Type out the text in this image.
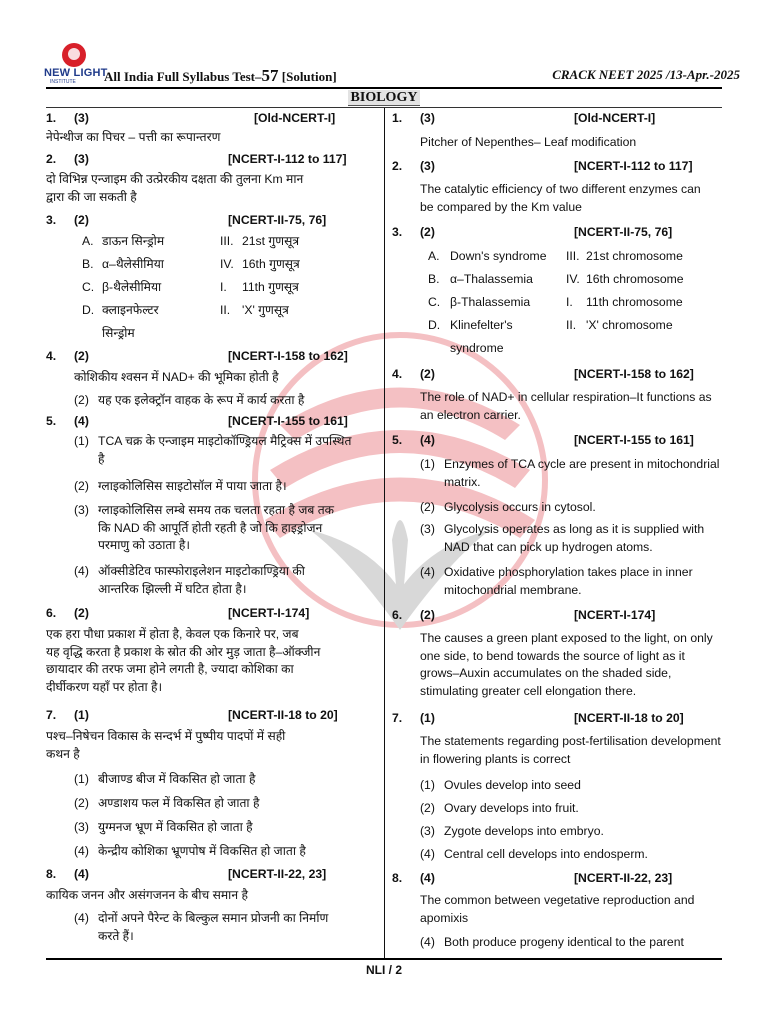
NEW LIGHT
INSTITUTE All India Full Syllabus Test–57 [Solution]	CRACK NEET 2025 /13-Apr.-2025
BIOLOGY
1. (3)	[Old-NCERT-I]
नेपेन्थीज का पिचर – पत्ती का रूपान्तरण
2. (3)	[NCERT-I-112 to 117]
दो विभिन्न एन्जाइम की उत्प्रेरकीय दक्षता की तुलना Km मान
द्वारा की जा सकती है
3. (2)	[NCERT-II-75, 76]
A. डाऊन सिन्ड्रोम	III. 21st गुणसूत्र
B. α–थैलेसीमिया	IV. 16th गुणसूत्र
C. β-थैलेसीमिया	I. 11th गुणसूत्र
D. क्लाइनफेल्टर	II. 'X' गुणसूत्र
सिन्ड्रोम
4. (2)	[NCERT-I-158 to 162]
कोशिकीय श्वसन में NAD+ की भूमिका होती है
(2) यह एक इलेक्ट्रॉन वाहक के रूप में कार्य करता है
5. (4)	[NCERT-I-155 to 161]
(1) TCA चक्र के एन्जाइम माइटोकॉण्ड्रियल मैट्रिक्स में उपस्थित
है
(2) ग्लाइकोलिसिस साइटोसॉल में पाया जाता है।
(3) ग्लाइकोलिसिस लम्बे समय तक चलता रहता है जब तक
कि NAD की आपूर्ति होती रहती है जो कि हाइड्रोजन
परमाणु को उठाता है।
(4) ऑक्सीडेटिव फास्फोराइलेशन माइटोकाण्ड्रिया की
आन्तरिक झिल्ली में घटित होता है।
6. (2)	[NCERT-I-174]
एक हरा पौधा प्रकाश में होता है, केवल एक किनारे पर, जब
यह वृद्धि करता है प्रकाश के स्रोत की ओर मुड़ जाता है–ऑक्जीन
छायादार की तरफ जमा होने लगती है, ज्यादा कोशिका का
दीर्घीकरण यहाँ पर होता है।
7. (1)	[NCERT-II-18 to 20]
पश्च–निषेचन विकास के सन्दर्भ में पुष्पीय पादपों में सही
कथन है
(1) बीजाण्ड बीज में विकसित हो जाता है
(2) अण्डाशय फल में विकसित हो जाता है
(3) युग्मनज भ्रूण में विकसित हो जाता है
(4) केन्द्रीय कोशिका भ्रूणपोष में विकसित हो जाता है
8. (4)	[NCERT-II-22, 23]
कायिक जनन और असंगजनन के बीच समान है
(4) दोनों अपने पैरेन्ट के बिल्कुल समान प्रोजनी का निर्माण
करते हैं।
1. (3)	[Old-NCERT-I]
Pitcher of Nepenthes– Leaf modification
2. (3)	[NCERT-I-112 to 117]
The catalytic efficiency of two different enzymes can
be compared by the Km value
3. (2)	[NCERT-II-75, 76]
A. Down's syndrome III. 21st chromosome
B. α–Thalassemia	IV. 16th chromosome
C. β-Thalassemia	I. 11th chromosome
D. Klinefelter's	II. 'X' chromosome
syndrome
4. (2)	[NCERT-I-158 to 162]
The role of NAD+ in cellular respiration–It functions as
an electron carrier.
5. (4)	[NCERT-I-155 to 161]
(1) Enzymes of TCA cycle are present in mitochondrial
matrix.
(2) Glycolysis occurs in cytosol.
(3) Glycolysis operates as long as it is supplied with
NAD that can pick up hydrogen atoms.
(4) Oxidative phosphorylation takes place in inner
mitochondrial membrane.
6. (2)	[NCERT-I-174]
The causes a green plant exposed to the light, on only
one side, to bend towards the source of light as it
grows–Auxin accumulates on the shaded side,
stimulating greater cell elongation there.
7. (1)	[NCERT-II-18 to 20]
The statements regarding post-fertilisation development
in flowering plants is correct
(1) Ovules develop into seed
(2) Ovary develops into fruit.
(3) Zygote develops into embryo.
(4) Central cell develops into endosperm.
8. (4)	[NCERT-II-22, 23]
The common between vegetative reproduction and
apomixis
(4) Both produce progeny identical to the parent
NLI / 2
